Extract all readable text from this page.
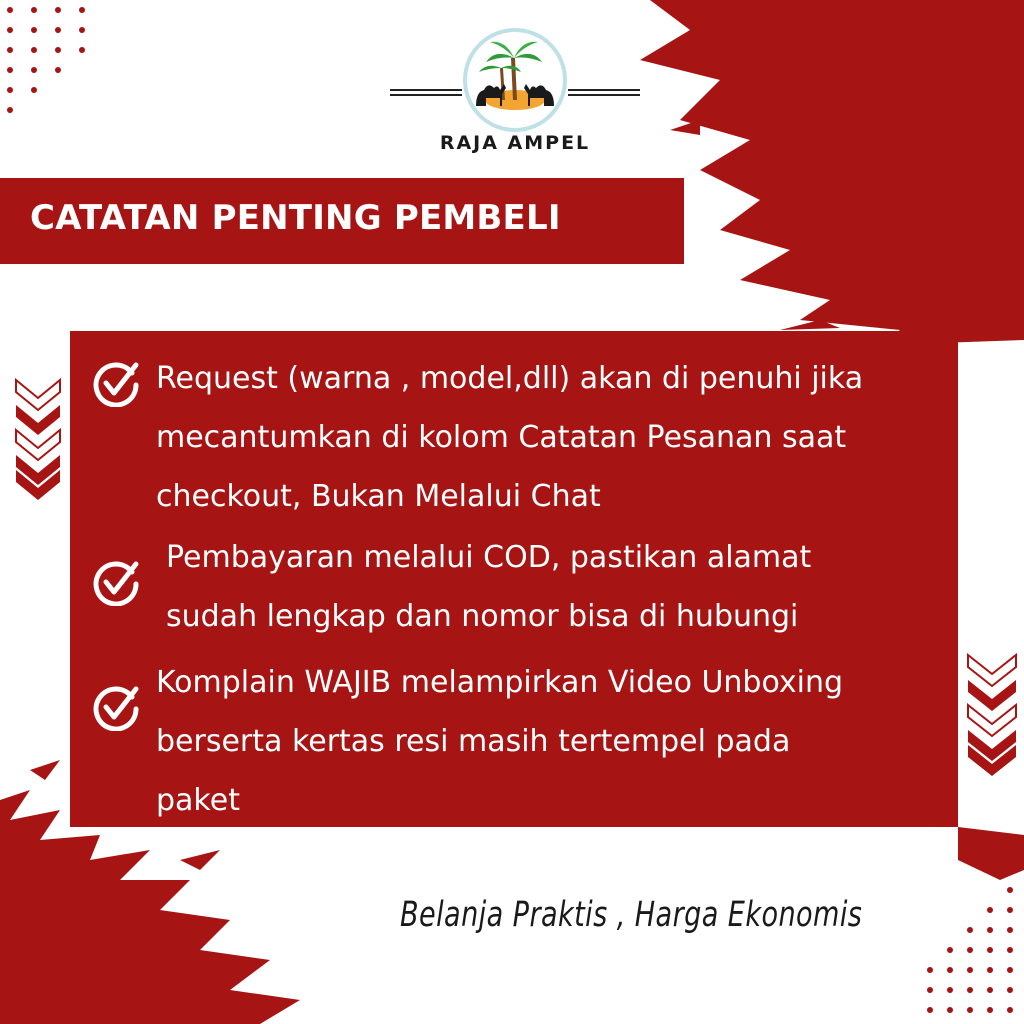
RAJA AMPEL
CATATAN PENTING PEMBELI
Request (warna , model,dll) akan di penuhi jika
mecantumkan di kolom Catatan Pesanan saat
checkout, Bukan Melalui Chat
Pembayaran melalui COD, pastikan alamat
sudah lengkap dan nomor bisa di hubungi
Komplain WAJIB melampirkan Video Unboxing
berserta kertas resi masih tertempel pada
paket
Belanja Praktis , Harga Ekonomis
